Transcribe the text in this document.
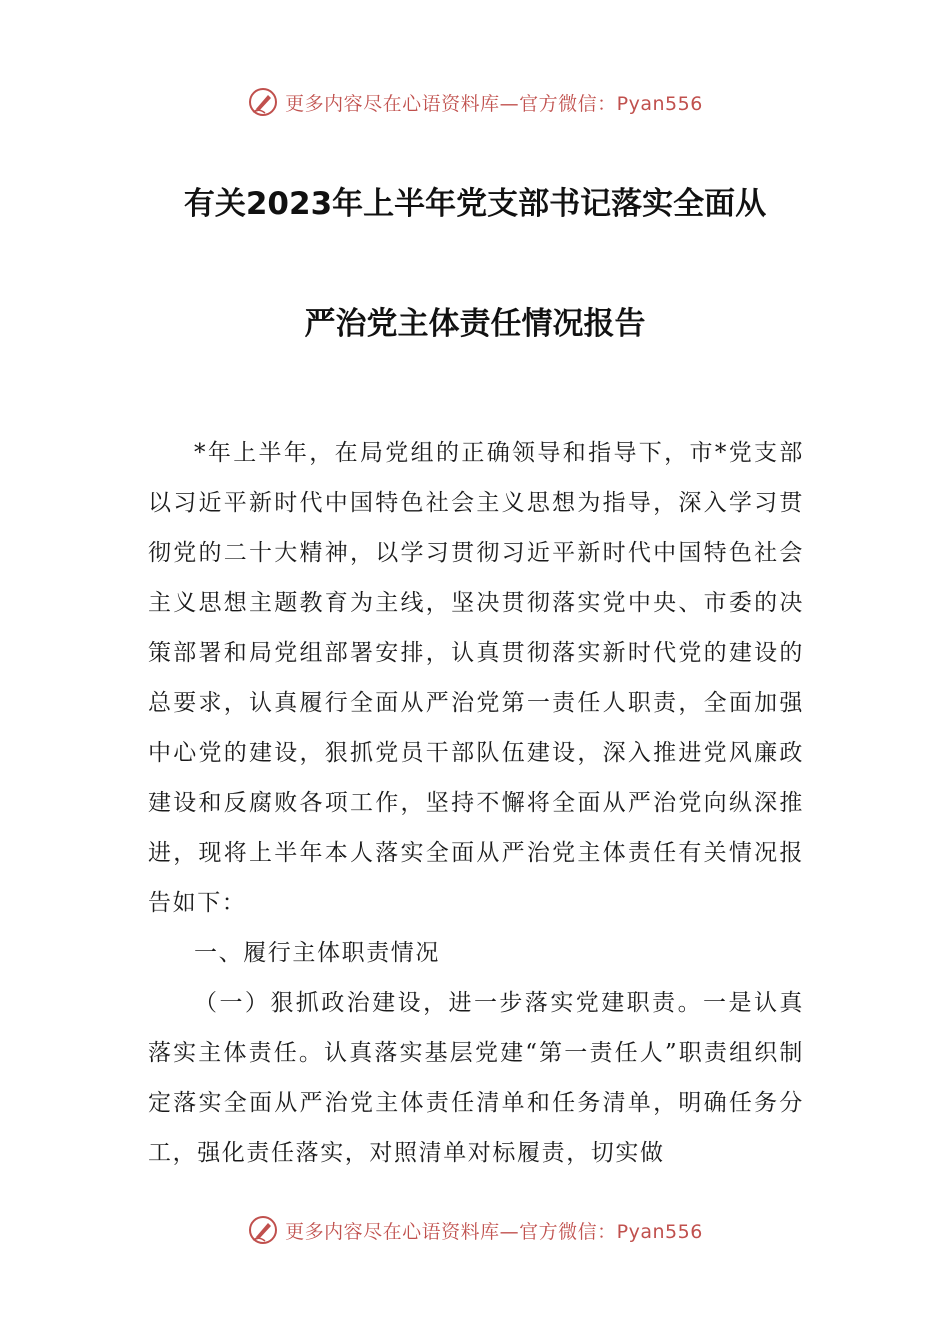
更多内容尽在心语资料库—官方微信：Pyan556
有关2023年上半年党支部书记落实全面从
严治党主体责任情况报告

*年上半年，在局党组的正确领导和指导下，市*党支部以习近平新时代中国特色社会主义思想为指导，深入学习贯彻党的二十大精神，以学习贯彻习近平新时代中国特色社会主义思想主题教育为主线，坚决贯彻落实党中央、市委的决策部署和局党组部署安排，认真贯彻落实新时代党的建设的总要求，认真履行全面从严治党第一责任人职责，全面加强中心党的建设，狠抓党员干部队伍建设，深入推进党风廉政建设和反腐败各项工作，坚持不懈将全面从严治党向纵深推进，现将上半年本人落实全面从严治党主体责任有关情况报告如下：

一、履行主体职责情况

（一）狠抓政治建设，进一步落实党建职责。一是认真落实主体责任。认真落实基层党建“第一责任人”职责组织制定落实全面从严治党主体责任清单和任务清单，明确任务分工，强化责任落实，对照清单对标履责，切实做

更多内容尽在心语资料库—官方微信：Pyan556
